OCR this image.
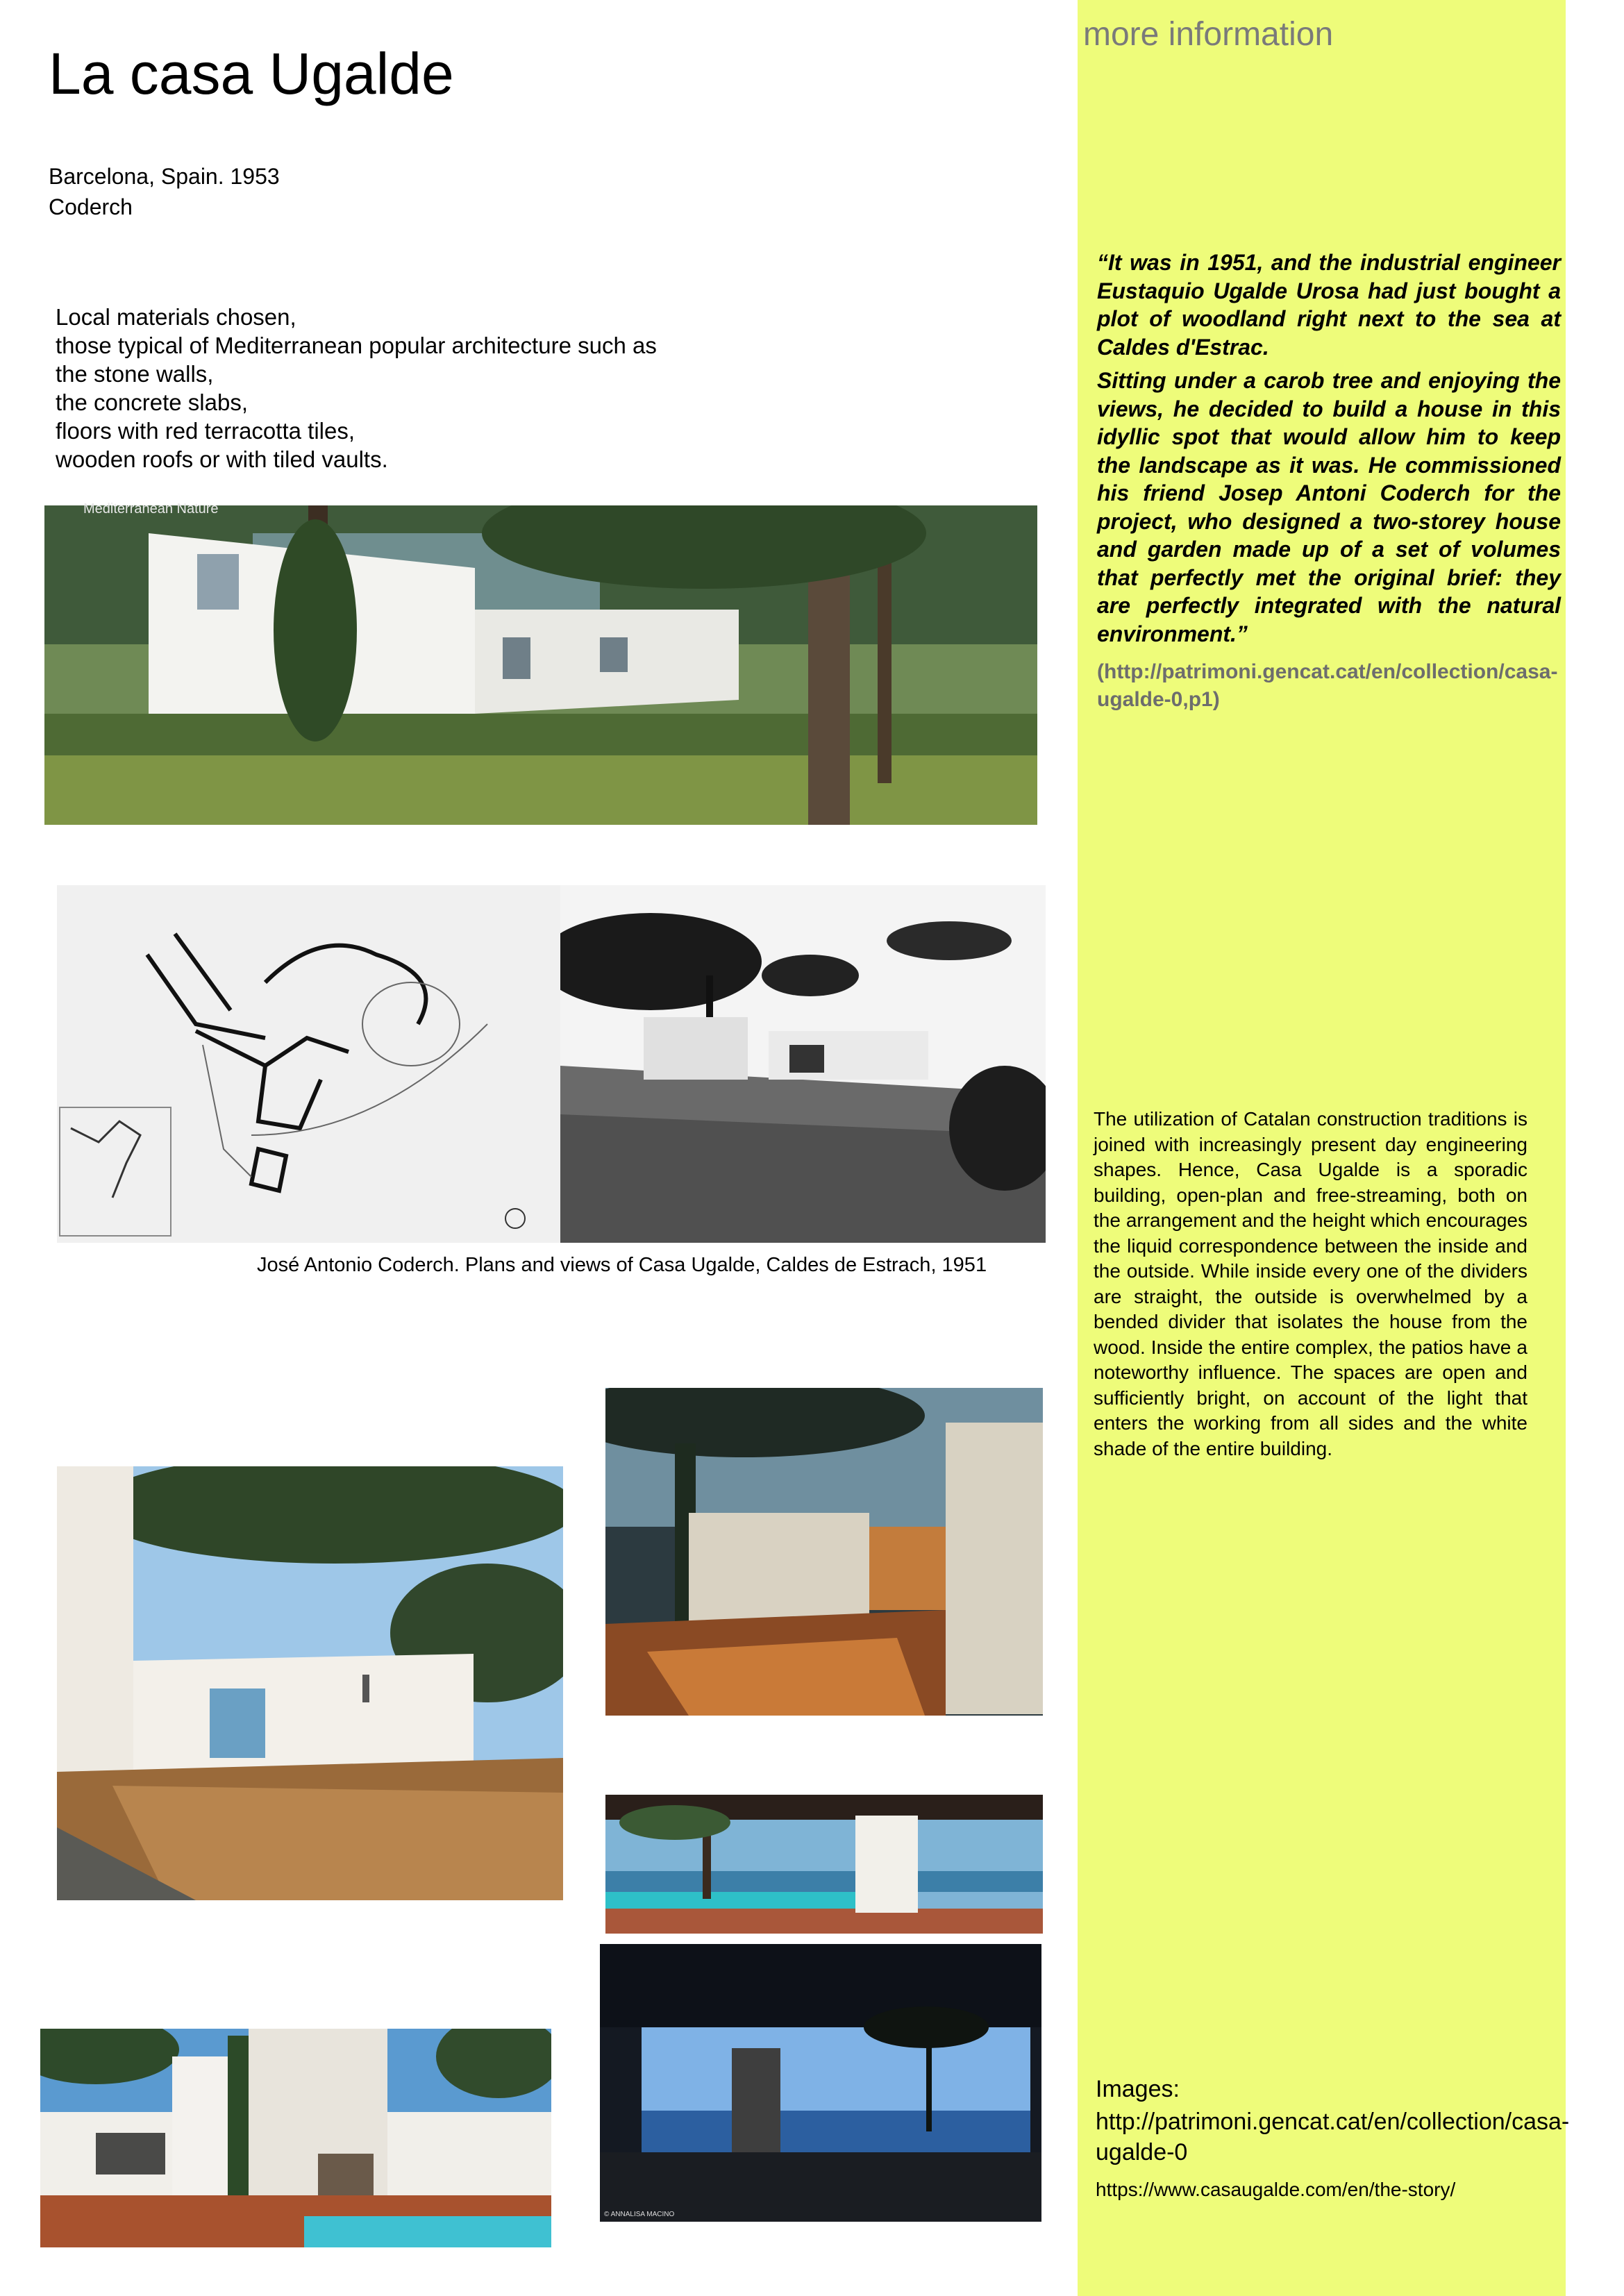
La casa Ugalde
Barcelona, Spain. 1953
Coderch
Local materials chosen,
those typical of Mediterranean popular architecture such as
the stone walls,
the concrete slabs,
floors with red terracotta tiles,
wooden roofs or with tiled vaults.
Mediterranean Nature
José Antonio Coderch. Plans and views of Casa Ugalde, Caldes de Estrach, 1951
© ANNALISA MACINO
more information

“It was in 1951, and the industrial engineer Eustaquio Ugalde Urosa had just bought a plot of woodland right next to the sea at Caldes d'Estrac.

Sitting under a carob tree and enjoying the views, he decided to build a house in this idyllic spot that would allow him to keep the landscape as it was. He commissioned his friend Josep Antoni Coderch for the project, who designed a two-storey house and garden made up of a set of volumes that perfectly met the original brief: they are perfectly integrated with the natural environment.”

(http://patrimoni.gencat.cat/en/collection/casa-ugalde-0,p1)
The utilization of Catalan construction traditions is joined with increasingly present day engineering shapes. Hence, Casa Ugalde is a sporadic building, open-plan and free-streaming, both on the arrangement and the height which encourages the liquid correspondence between the inside and the outside. While inside every one of the dividers are straight, the outside is overwhelmed by a bended divider that isolates the house from the wood. Inside the entire complex, the patios have a noteworthy influence. The spaces are open and sufficiently bright, on account of the light that enters the working from all sides and the white shade of the entire building.
Images:
http://patrimoni.gencat.cat/en/collection/casa-ugalde-0
https://www.casaugalde.com/en/the-story/
